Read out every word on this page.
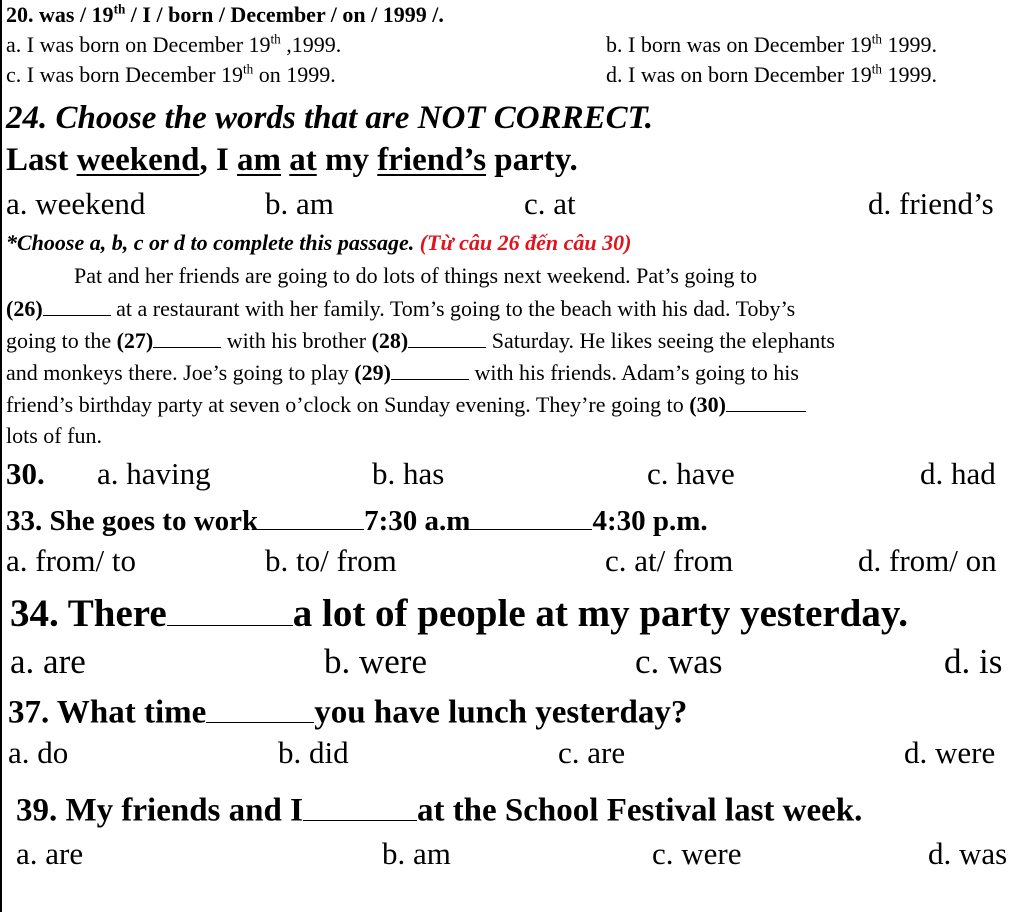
20. was / 19th / I / born / December / on / 1999 /.
a. I was born on December 19th ,1999.	b. I born was on December 19th 1999.
c. I was born December 19th on 1999.	d. I was on born December 19th 1999.
24. Choose the words that are NOT CORRECT.
Last weekend, I am at my friend’s party.
a. weekend	b. am	c. at	d. friend’s
*Choose a, b, c or d to complete this passage. (Từ câu 26 đến câu 30)
Pat and her friends are going to do lots of things next weekend. Pat’s going to
(26)	at a restaurant with her family. Tom’s going to the beach with his dad. Toby’s
going to the (27)	with his brother (28)	Saturday. He likes seeing the elephants
and monkeys there. Joe’s going to play (29)	with his friends. Adam’s going to his
friend’s birthday party at seven o’clock on Sunday evening. They’re going to (30)
lots of fun.
30. a. having	b. has	c. have	d. had
33. She goes to work	7:30 a.m	4:30 p.m.
a. from/ to	b. to/ from	c. at/ from	d. from/ on
34. There	a lot of people at my party yesterday.
a. are	b. were	c. was	d. is
37. What time	you have lunch yesterday?
a. do	b. did	c. are	d. were
39. My friends and I	at the School Festival last week.
a. are	b. am	c. were	d. was
